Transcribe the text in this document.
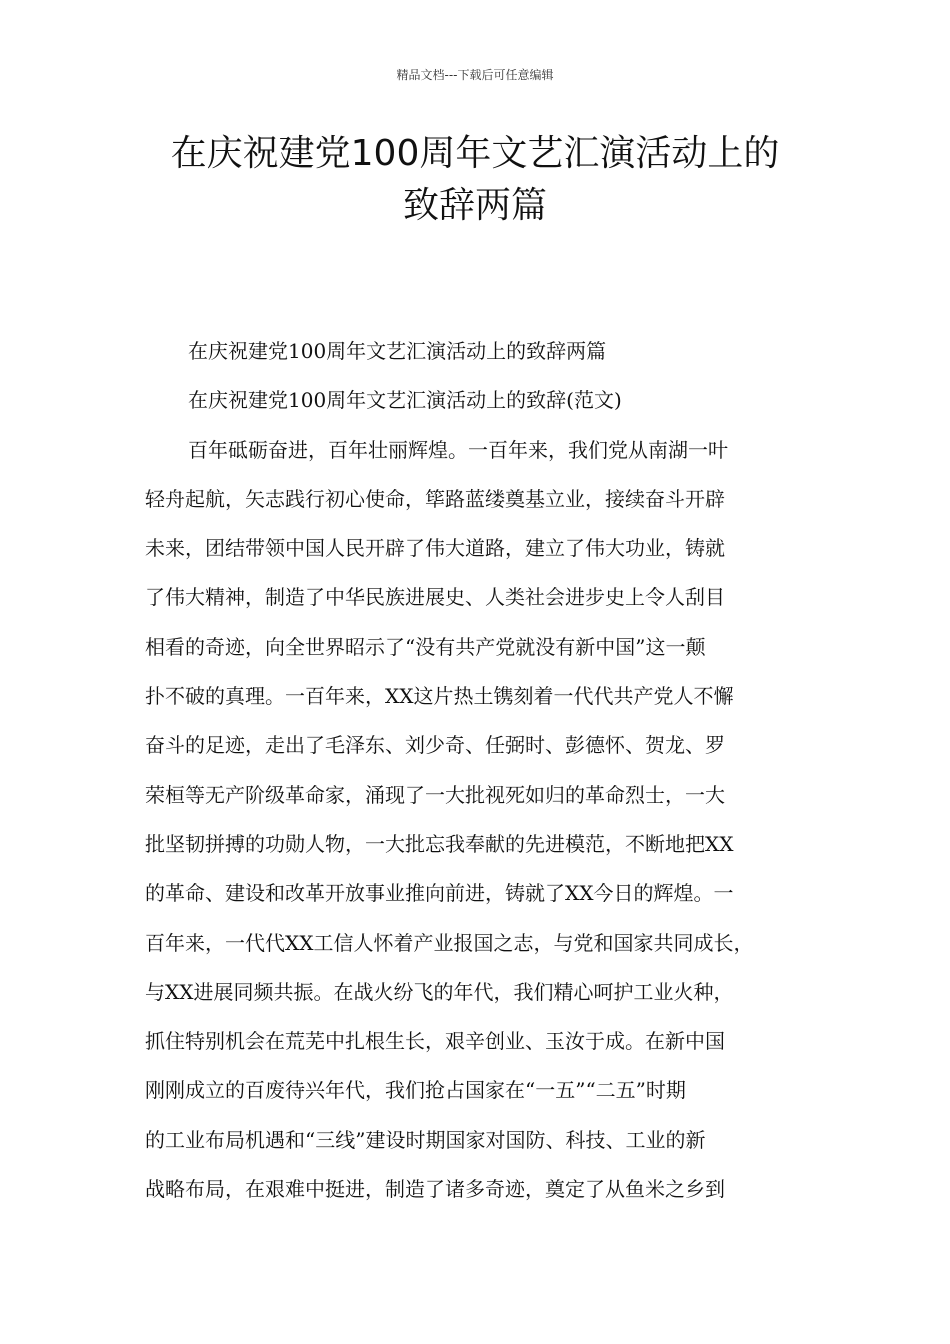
精品文档---下载后可任意编辑
在庆祝建党100周年文艺汇演活动上的
致辞两篇
在庆祝建党100周年文艺汇演活动上的致辞两篇
在庆祝建党100周年文艺汇演活动上的致辞(范文)
百年砥砺奋进，百年壮丽辉煌。一百年来，我们党从南湖一叶
轻舟起航，矢志践行初心使命，筚路蓝缕奠基立业，接续奋斗开辟
未来，团结带领中国人民开辟了伟大道路，建立了伟大功业，铸就
了伟大精神，制造了中华民族进展史、人类社会进步史上令人刮目
相看的奇迹，向全世界昭示了“没有共产党就没有新中国”这一颠
扑不破的真理。一百年来，XX这片热土镌刻着一代代共产党人不懈
奋斗的足迹，走出了毛泽东、刘少奇、任弼时、彭德怀、贺龙、罗
荣桓等无产阶级革命家，涌现了一大批视死如归的革命烈士，一大
批坚韧拼搏的功勋人物，一大批忘我奉献的先进模范，不断地把XX
的革命、建设和改革开放事业推向前进，铸就了XX今日的辉煌。一
百年来，一代代XX工信人怀着产业报国之志，与党和国家共同成长，
与XX进展同频共振。在战火纷飞的年代，我们精心呵护工业火种，
抓住特别机会在荒芜中扎根生长，艰辛创业、玉汝于成。在新中国
刚刚成立的百废待兴年代，我们抢占国家在“一五”“二五”时期
的工业布局机遇和“三线”建设时期国家对国防、科技、工业的新
战略布局，在艰难中挺进，制造了诸多奇迹，奠定了从鱼米之乡到
